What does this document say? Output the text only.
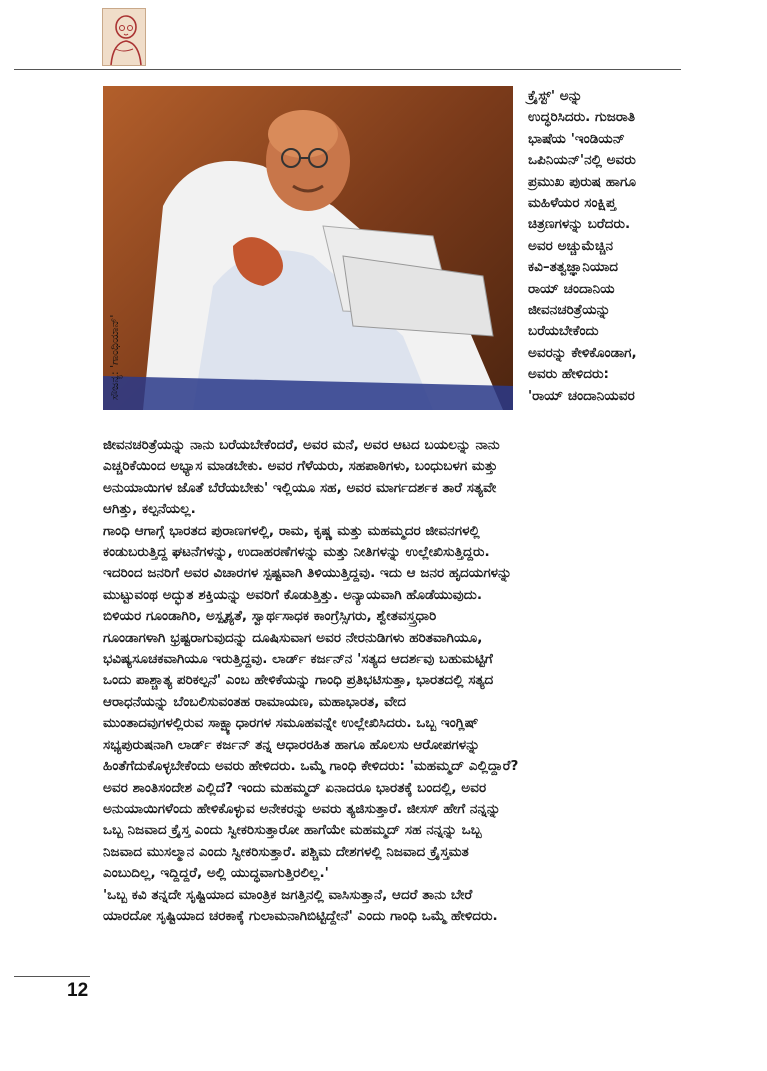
ಸೌಜನ್ಯ: 'ಗಾಂಧಿಯಾನ್'
ಕ್ರೈಸ್ಟ್' ಅನ್ನು
ಉದ್ಧರಿಸಿದರು. ಗುಜರಾತಿ
ಭಾಷೆಯ 'ಇಂಡಿಯನ್
ಒಪಿನಿಯನ್'ನಲ್ಲಿ ಅವರು
ಪ್ರಮುಖ ಪುರುಷ ಹಾಗೂ
ಮಹಿಳೆಯರ ಸಂಕ್ಷಿಪ್ತ
ಚಿತ್ರಣಗಳನ್ನು ಬರೆದರು.
ಅವರ ಅಚ್ಚುಮೆಚ್ಚಿನ
ಕವಿ–ತತ್ವಜ್ಞಾನಿಯಾದ
ರಾಯ್ ಚಂದಾನಿಯ
ಜೀವನಚರಿತ್ರೆಯನ್ನು
ಬರೆಯಬೇಕೆಂದು
ಅವರನ್ನು ಕೇಳಿಕೊಂಡಾಗ,
ಅವರು ಹೇಳಿದರು:
'ರಾಯ್ ಚಂದಾನಿಯವರ
ಜೀವನಚರಿತ್ರೆಯನ್ನು ನಾನು ಬರೆಯಬೇಕೆಂದರೆ, ಅವರ ಮನೆ, ಅವರ ಆಟದ ಬಯಲನ್ನು ನಾನು
ಎಚ್ಚರಿಕೆಯಿಂದ ಅಭ್ಯಾಸ ಮಾಡಬೇಕು. ಅವರ ಗೆಳೆಯರು, ಸಹಪಾಠಿಗಳು, ಬಂಧುಬಳಗ ಮತ್ತು
ಅನುಯಾಯಿಗಳ ಜೊತೆ ಬೆರೆಯಬೇಕು' ಇಲ್ಲಿಯೂ ಸಹ, ಅವರ ಮಾರ್ಗದರ್ಶಕ ತಾರೆ ಸತ್ಯವೇ
ಆಗಿತ್ತು, ಕಲ್ಪನೆಯಲ್ಲ.
ಗಾಂಧಿ ಆಗಾಗ್ಗೆ ಭಾರತದ ಪುರಾಣಗಳಲ್ಲಿ, ರಾಮ, ಕೃಷ್ಣ ಮತ್ತು ಮಹಮ್ಮದರ ಜೀವನಗಳಲ್ಲಿ
ಕಂಡುಬರುತ್ತಿದ್ದ ಘಟನೆಗಳನ್ನು, ಉದಾಹರಣೆಗಳನ್ನು ಮತ್ತು ನೀತಿಗಳನ್ನು ಉಲ್ಲೇಖಿಸುತ್ತಿದ್ದರು.
ಇದರಿಂದ ಜನರಿಗೆ ಅವರ ವಿಚಾರಗಳ ಸ್ಪಷ್ಟವಾಗಿ ತಿಳಿಯುತ್ತಿದ್ದವು. ಇದು ಆ ಜನರ ಹೃದಯಗಳನ್ನು
ಮುಟ್ಟುವಂಥ ಅದ್ಭುತ ಶಕ್ತಿಯನ್ನು ಅವರಿಗೆ ಕೊಡುತ್ತಿತ್ತು. ಅನ್ಯಾಯವಾಗಿ ಹೊಡೆಯುವುದು.
ಬಿಳಿಯರ ಗೂಂಡಾಗಿರಿ, ಅಸ್ಪೃಶ್ಯತೆ, ಸ್ವಾರ್ಥಸಾಧಕ ಕಾಂಗ್ರೆಸ್ಸಿಗರು, ಶ್ವೇತವಸ್ತ್ರಧಾರಿ
ಗೂಂಡಾಗಳಾಗಿ ಭ್ರಷ್ಟರಾಗುವುದನ್ನು ದೂಷಿಸುವಾಗ ಅವರ ನೇರನುಡಿಗಳು ಹರಿತವಾಗಿಯೂ,
ಭವಿಷ್ಯಸೂಚಕವಾಗಿಯೂ ಇರುತ್ತಿದ್ದವು. ಲಾರ್ಡ್ ಕರ್ಜನ್‌ನ 'ಸತ್ಯದ ಆದರ್ಶವು ಬಹುಮಟ್ಟಿಗೆ
ಒಂದು ಪಾಶ್ಚಾತ್ಯ ಪರಿಕಲ್ಪನೆ' ಎಂಬ ಹೇಳಿಕೆಯನ್ನು ಗಾಂಧಿ ಪ್ರತಿಭಟಿಸುತ್ತಾ, ಭಾರತದಲ್ಲಿ ಸತ್ಯದ
ಆರಾಧನೆಯನ್ನು ಬೆಂಬಲಿಸುವಂತಹ ರಾಮಾಯಣ, ಮಹಾಭಾರತ, ವೇದ
ಮುಂತಾದವುಗಳಲ್ಲಿರುವ ಸಾಕ್ಷ್ಯಾಧಾರಗಳ ಸಮೂಹವನ್ನೇ ಉಲ್ಲೇಖಿಸಿದರು. ಒಬ್ಬ ಇಂಗ್ಲಿಷ್
ಸಭ್ಯಪುರುಷನಾಗಿ ಲಾರ್ಡ್ ಕರ್ಜನ್ ತನ್ನ ಆಧಾರರಹಿತ ಹಾಗೂ ಹೊಲಸು ಆರೋಪಗಳನ್ನು
ಹಿಂತೆಗೆದುಕೊಳ್ಳಬೇಕೆಂದು ಅವರು ಹೇಳಿದರು. ಒಮ್ಮೆ ಗಾಂಧಿ ಕೇಳಿದರು: 'ಮಹಮ್ಮದ್ ಎಲ್ಲಿದ್ದಾರೆ?
ಅವರ ಶಾಂತಿಸಂದೇಶ ಎಲ್ಲಿದೆ? ಇಂದು ಮಹಮ್ಮದ್ ಏನಾದರೂ ಭಾರತಕ್ಕೆ ಬಂದಲ್ಲಿ, ಅವರ
ಅನುಯಾಯಿಗಳೆಂದು ಹೇಳಿಕೊಳ್ಳುವ ಅನೇಕರನ್ನು ಅವರು ತ್ಯಜಿಸುತ್ತಾರೆ. ಜೀಸಸ್ ಹೇಗೆ ನನ್ನನ್ನು
ಒಬ್ಬ ನಿಜವಾದ ಕ್ರೈಸ್ತ ಎಂದು ಸ್ವೀಕರಿಸುತ್ತಾರೋ ಹಾಗೆಯೇ ಮಹಮ್ಮದ್ ಸಹ ನನ್ನನ್ನು ಒಬ್ಬ
ನಿಜವಾದ ಮುಸಲ್ಮಾನ ಎಂದು ಸ್ವೀಕರಿಸುತ್ತಾರೆ. ಪಶ್ಚಿಮ ದೇಶಗಳಲ್ಲಿ ನಿಜವಾದ ಕ್ರೈಸ್ತಮತ
ಎಂಬುದಿಲ್ಲ, ಇದ್ದಿದ್ದರೆ, ಅಲ್ಲಿ ಯುದ್ಧವಾಗುತ್ತಿರಲಿಲ್ಲ.'
'ಒಬ್ಬ ಕವಿ ತನ್ನದೇ ಸೃಷ್ಟಿಯಾದ ಮಾಂತ್ರಿಕ ಜಗತ್ತಿನಲ್ಲಿ ವಾಸಿಸುತ್ತಾನೆ, ಆದರೆ ತಾನು ಬೇರೆ
ಯಾರದೋ ಸೃಷ್ಟಿಯಾದ ಚರಕಾಕ್ಕೆ ಗುಲಾಮನಾಗಿಬಿಟ್ಟಿದ್ದೇನೆ' ಎಂದು ಗಾಂಧಿ ಒಮ್ಮೆ ಹೇಳಿದರು.
12
